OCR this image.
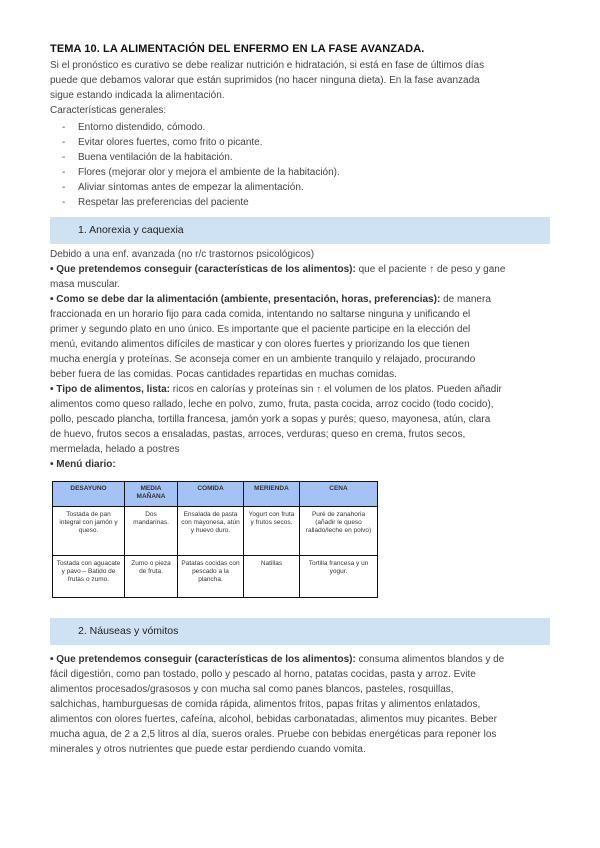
TEMA 10. LA ALIMENTACIÓN DEL ENFERMO EN LA FASE AVANZADA.
Si el pronóstico es curativo se debe realizar nutrición e hidratación, si está en fase de últimos días
puede que debamos valorar que están suprimidos (no hacer ninguna dieta). En la fase avanzada
sigue estando indicada la alimentación.
Características generales:
- Entorno distendido, cómodo.
- Evitar olores fuertes, como frito o picante.
- Buena ventilación de la habitación.
- Flores (mejorar olor y mejora el ambiente de la habitación).
- Aliviar síntomas antes de empezar la alimentación.
- Respetar las preferencias del paciente
1. Anorexia y caquexia
Debido a una enf. avanzada (no r/c trastornos psicológicos)
• Que pretendemos conseguir (características de los alimentos): que el paciente ↑ de peso y gane
masa muscular.
• Como se debe dar la alimentación (ambiente, presentación, horas, preferencias): de manera
fraccionada en un horario fijo para cada comida, intentando no saltarse ninguna y unificando el
primer y segundo plato en uno único. Es importante que el paciente participe en la elección del
menú, evitando alimentos difíciles de masticar y con olores fuertes y priorizando los que tienen
mucha energía y proteínas. Se aconseja comer en un ambiente tranquilo y relajado, procurando
beber fuera de las comidas. Pocas cantidades repartidas en muchas comidas.
• Tipo de alimentos, lista: ricos en calorías y proteínas sin ↑ el volumen de los platos. Pueden añadir
alimentos como queso rallado, leche en polvo, zumo, fruta, pasta cocida, arroz cocido (todo cocido),
pollo, pescado plancha, tortilla francesa, jamón york a sopas y purés; queso, mayonesa, atún, clara
de huevo, frutos secos a ensaladas, pastas, arroces, verduras; queso en crema, frutos secos,
mermelada, helado a postres
• Menú diario:
DESAYUNO	MEDIA MAÑANA	COMIDA	MERIENDA	CENA
Tostada de pan integral con jamón y queso.	Dos mandarinas.	Ensalada de pasta con mayonesa, atún y huevo duro.	Yogurt con fruta y frutos secos.	Puré de zanahoria (añadir le queso rallado/leche en polvo)
Tostada con aguacate y pavo – Batido de frutas o zumo.	Zumo o pieza de fruta.	Patatas cocidas con pescado a la plancha.	Natillas	Tortilla francesa y un yogur.
2. Náuseas y vómitos
• Que pretendemos conseguir (características de los alimentos): consuma alimentos blandos y de
fácil digestión, como pan tostado, pollo y pescado al horno, patatas cocidas, pasta y arroz. Evite
alimentos procesados/grasosos y con mucha sal como panes blancos, pasteles, rosquillas,
salchichas, hamburguesas de comida rápida, alimentos fritos, papas fritas y alimentos enlatados,
alimentos con olores fuertes, cafeína, alcohol, bebidas carbonatadas, alimentos muy picantes. Beber
mucha agua, de 2 a 2,5 litros al día, sueros orales. Pruebe con bebidas energéticas para reponer los
minerales y otros nutrientes que puede estar perdiendo cuando vomita.
